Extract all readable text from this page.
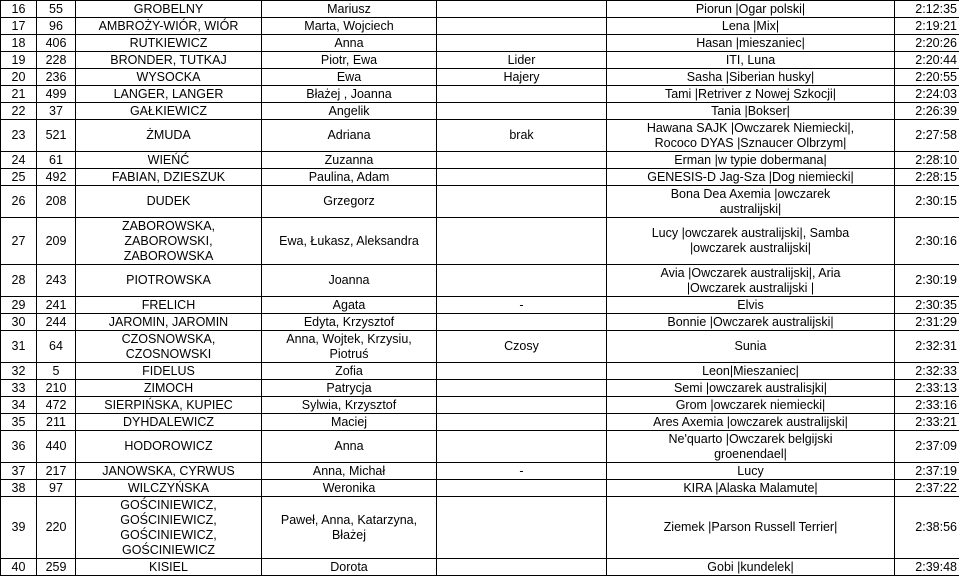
16	55	GROBELNY	Mariusz		Piorun |Ogar polski|	2:12:35
17	96	AMBROŻY-WIÓR, WIÓR	Marta, Wojciech		Lena |Mix|	2:19:21
18	406	RUTKIEWICZ	Anna		Hasan |mieszaniec|	2:20:26
19	228	BRONDER, TUTKAJ	Piotr, Ewa	Lider	ITI, Luna	2:20:44
20	236	WYSOCKA	Ewa	Hajery	Sasha |Siberian husky|	2:20:55
21	499	LANGER, LANGER	Błażej , Joanna		Tami |Retriver z Nowej Szkocji|	2:24:03
22	37	GAŁKIEWICZ	Angelik		Tania |Bokser|	2:26:39
23	521	ŻMUDA	Adriana	brak	Hawana SAJK |Owczarek Niemiecki|,
Rococo DYAS |Sznaucer Olbrzym|	2:27:58
24	61	WIEŃĆ	Zuzanna		Erman |w typie dobermana|	2:28:10
25	492	FABIAN, DZIESZUK	Paulina, Adam		GENESIS-D Jag-Sza |Dog niemiecki|	2:28:15
26	208	DUDEK	Grzegorz		Bona Dea Axemia |owczarek
australijski|	2:30:15
27	209	ZABOROWSKA,
ZABOROWSKI,
ZABOROWSKA	Ewa, Łukasz, Aleksandra		Lucy |owczarek australijski|, Samba
|owczarek australijski|	2:30:16
28	243	PIOTROWSKA	Joanna		Avia |Owczarek australijski|, Aria
|Owczarek australijski |	2:30:19
29	241	FRELICH	Agata	-	Elvis	2:30:35
30	244	JAROMIN, JAROMIN	Edyta, Krzysztof		Bonnie |Owczarek australijski|	2:31:29
31	64	CZOSNOWSKA,
CZOSNOWSKI	Anna, Wojtek, Krzysiu,
Piotruś	Czosy	Sunia	2:32:31
32	5	FIDELUS	Zofia		Leon|Mieszaniec|	2:32:33
33	210	ZIMOCH	Patrycja		Semi |owczarek australisjki|	2:33:13
34	472	SIERPIŃSKA, KUPIEC	Sylwia, Krzysztof		Grom |owczarek niemiecki|	2:33:16
35	211	DYHDALEWICZ	Maciej		Ares Axemia |owczarek australijski|	2:33:21
36	440	HODOROWICZ	Anna		Ne'quarto |Owczarek belgijski
groenendael|	2:37:09
37	217	JANOWSKA, CYRWUS	Anna, Michał	-	Lucy	2:37:19
38	97	WILCZYŃSKA	Weronika		KIRA |Alaska Malamute|	2:37:22
39	220	GOŚCINIEWICZ,
GOŚCINIEWICZ,
GOŚCINIEWICZ,
GOŚCINIEWICZ	Paweł, Anna, Katarzyna,
Błażej		Ziemek |Parson Russell Terrier|	2:38:56
40	259	KISIEL	Dorota		Gobi |kundelek|	2:39:48
